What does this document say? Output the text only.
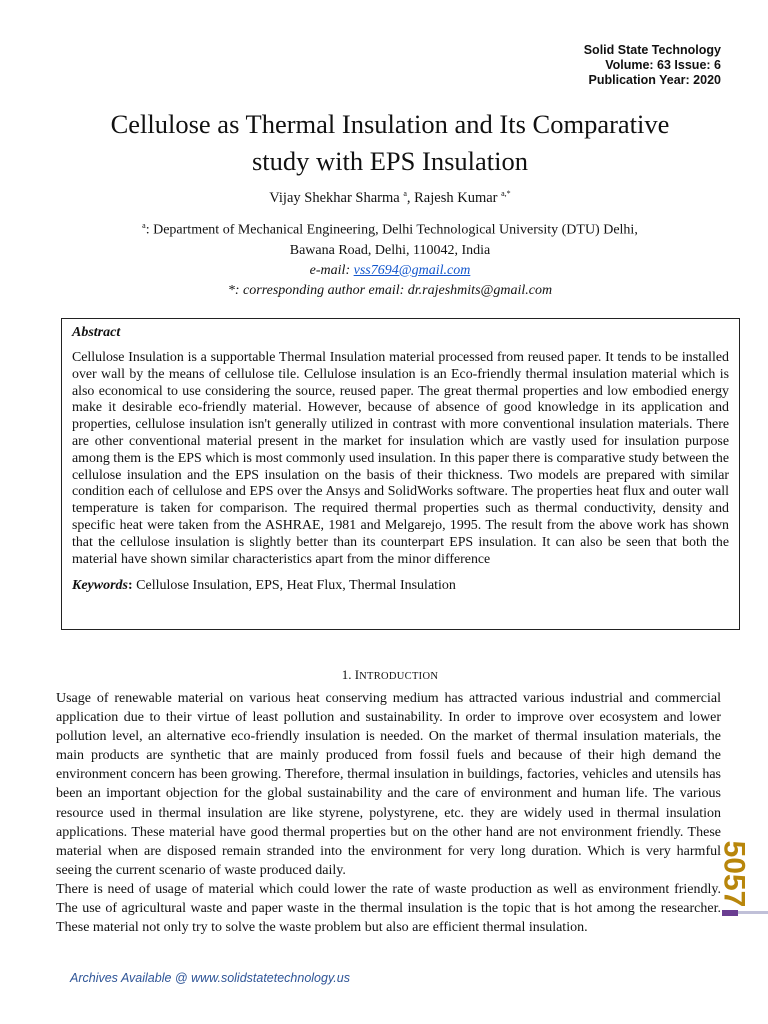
Solid State Technology
Volume: 63 Issue: 6
Publication Year: 2020
Cellulose as Thermal Insulation and Its Comparative
study with EPS Insulation
Vijay Shekhar Sharma $^a$, Rajesh Kumar $^{a,*}$
$^a$: Department of Mechanical Engineering, Delhi Technological University (DTU) Delhi,
Bawana Road, Delhi, 110042, India
e-mail: vss7694@gmail.com
*: corresponding author email: dr.rajeshmits@gmail.com
Abstract
Cellulose Insulation is a supportable Thermal Insulation material processed from reused paper. It tends to be installed over wall by the means of cellulose tile. Cellulose insulation is an Eco-friendly thermal insulation material which is also economical to use considering the source, reused paper. The great thermal properties and low embodied energy make it desirable eco-friendly material. However, because of absence of good knowledge in its application and properties, cellulose insulation isn't generally utilized in contrast with more conventional insulation materials. There are other conventional material present in the market for insulation which are vastly used for insulation purpose among them is the EPS which is most commonly used insulation. In this paper there is comparative study between the cellulose insulation and the EPS insulation on the basis of their thickness. Two models are prepared with similar condition each of cellulose and EPS over the Ansys and SolidWorks software. The properties heat flux and outer wall temperature is taken for comparison. The required thermal properties such as thermal conductivity, density and specific heat were taken from the ASHRAE, 1981 and Melgarejo, 1995. The result from the above work has shown that the cellulose insulation is slightly better than its counterpart EPS insulation. It can also be seen that both the material have shown similar characteristics apart from the minor difference
Keywords: Cellulose Insulation, EPS, Heat Flux, Thermal Insulation
1. INTRODUCTION

Usage of renewable material on various heat conserving medium has attracted various industrial and commercial application due to their virtue of least pollution and sustainability. In order to improve over ecosystem and lower pollution level, an alternative eco-friendly insulation is needed. On the market of thermal insulation materials, the main products are synthetic that are mainly produced from fossil fuels and because of their high demand the environment concern has been growing. Therefore, thermal insulation in buildings, factories, vehicles and utensils has been an important objection for the global sustainability and the care of environment and human life. The various resource used in thermal insulation are like styrene, polystyrene, etc. they are widely used in thermal insulation applications. These material have good thermal properties but on the other hand are not environment friendly. These material when are disposed remain stranded into the environment for very long duration. Which is very harmful seeing the current scenario of waste produced daily.

There is need of usage of material which could lower the rate of waste production as well as environment friendly. The use of agricultural waste and paper waste in the thermal insulation is the topic that is hot among the researcher. These material not only try to solve the waste problem but also are efficient thermal insulation.

5057
Archives Available @ www.solidstatetechnology.us
